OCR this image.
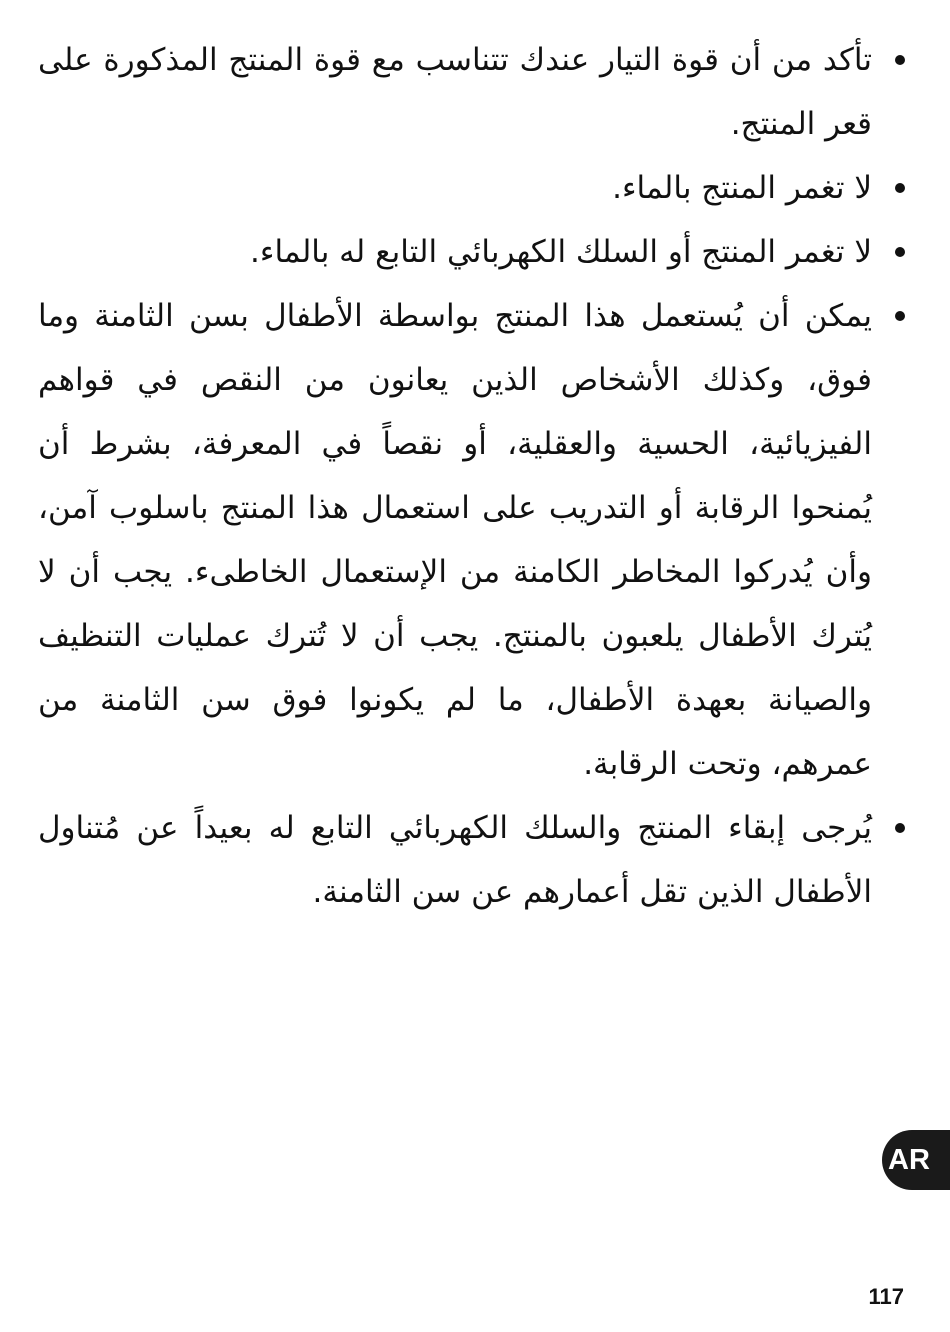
تأكد من أن قوة التيار عندك تتناسب مع قوة المنتج المذكورة على قعر المنتج.
لا تغمر المنتج بالماء.
لا تغمر المنتج أو السلك الكهربائي التابع له بالماء.
يمكن أن يُستعمل هذا المنتج بواسطة الأطفال بسن الثامنة وما فوق، وكذلك الأشخاص الذين يعانون من النقص في قواهم الفيزيائية، الحسية والعقلية، أو نقصاً في المعرفة، بشرط أن يُمنحوا الرقابة أو التدريب على استعمال هذا المنتج باسلوب آمن، وأن يُدركوا المخاطر الكامنة من الإستعمال الخاطىء. يجب أن لا يُترك الأطفال يلعبون بالمنتج. يجب أن لا تُترك عمليات التنظيف والصيانة بعهدة الأطفال، ما لم يكونوا فوق سن الثامنة من عمرهم، وتحت الرقابة.
يُرجى إبقاء المنتج والسلك الكهربائي التابع له بعيداً عن مُتناول الأطفال الذين تقل أعمارهم عن سن الثامنة.
AR
117
